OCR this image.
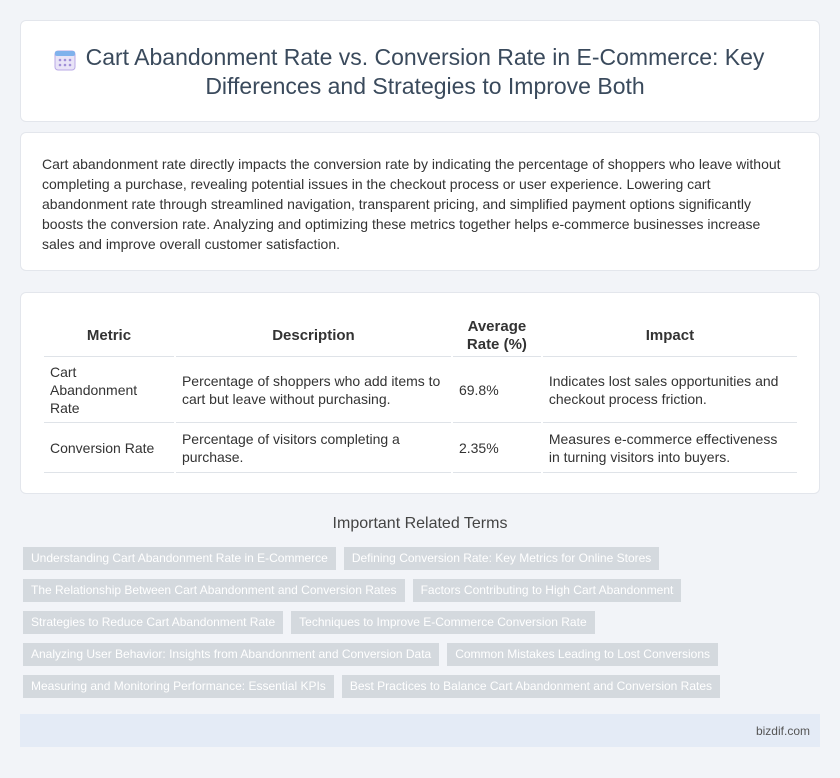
Cart Abandonment Rate vs. Conversion Rate in E-Commerce: Key Differences and Strategies to Improve Both

Cart abandonment rate directly impacts the conversion rate by indicating the percentage of shoppers who leave without completing a purchase, revealing potential issues in the checkout process or user experience. Lowering cart abandonment rate through streamlined navigation, transparent pricing, and simplified payment options significantly boosts the conversion rate. Analyzing and optimizing these metrics together helps e-commerce businesses increase sales and improve overall customer satisfaction.

Metric	Description	Average Rate (%)	Impact
Cart Abandonment Rate	Percentage of shoppers who add items to cart but leave without purchasing.	69.8%	Indicates lost sales opportunities and checkout process friction.
Conversion Rate	Percentage of visitors completing a purchase.	2.35%	Measures e-commerce effectiveness in turning visitors into buyers.
Important Related Terms
Understanding Cart Abandonment Rate in E-Commerce	Defining Conversion Rate: Key Metrics for Online Stores
The Relationship Between Cart Abandonment and Conversion Rates	Factors Contributing to High Cart Abandonment
Strategies to Reduce Cart Abandonment Rate	Techniques to Improve E-Commerce Conversion Rate
Analyzing User Behavior: Insights from Abandonment and Conversion Data	Common Mistakes Leading to Lost Conversions
Measuring and Monitoring Performance: Essential KPIs	Best Practices to Balance Cart Abandonment and Conversion Rates
bizdif.com
